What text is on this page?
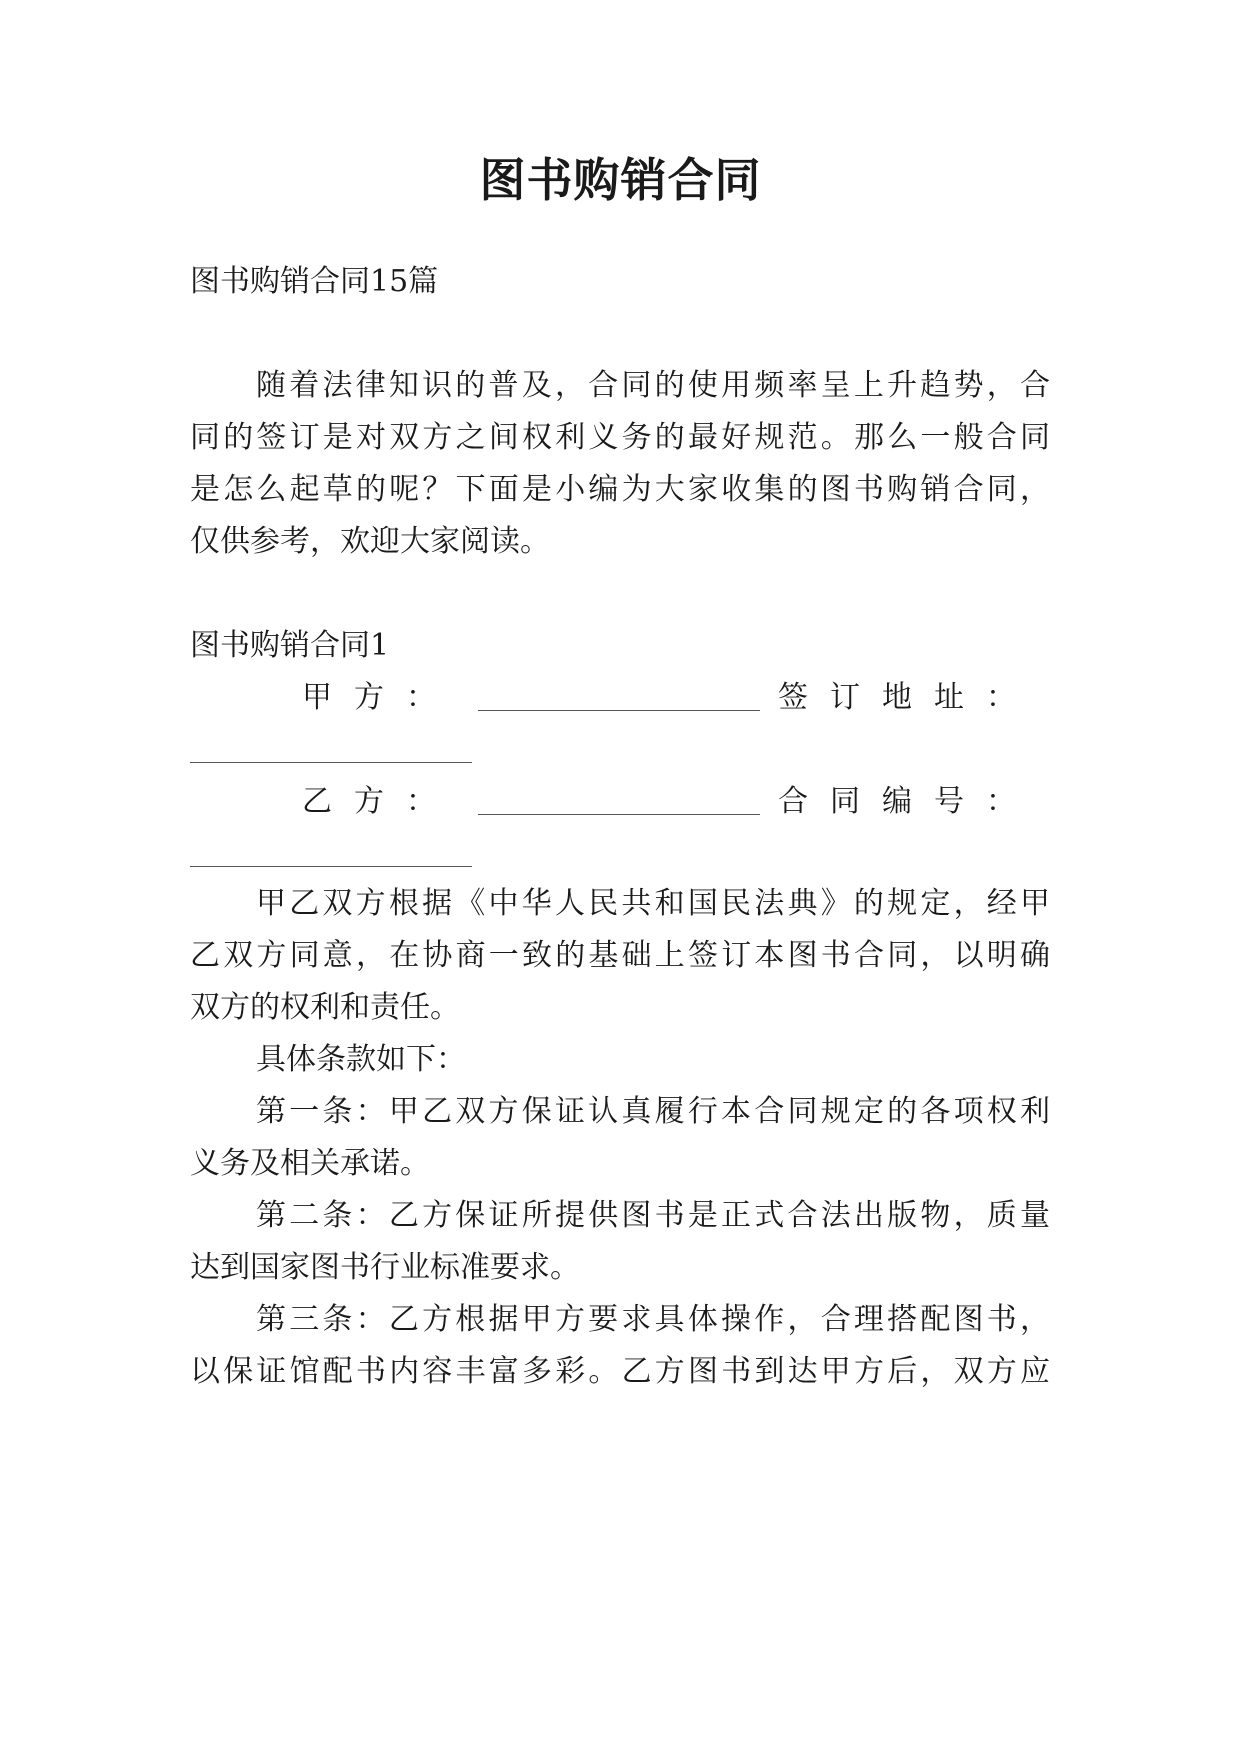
图书购销合同
图书购销合同15篇
随着法律知识的普及，合同的使用频率呈上升趋势，合
同的签订是对双方之间权利义务的最好规范。那么一般合同
是怎么起草的呢？下面是小编为大家收集的图书购销合同，
仅供参考，欢迎大家阅读。
图书购销合同1
甲方：	签订地址：
乙方：	合同编号：
甲乙双方根据《中华人民共和国民法典》的规定，经甲
乙双方同意，在协商一致的基础上签订本图书合同，以明确
双方的权利和责任。
具体条款如下：
第一条：甲乙双方保证认真履行本合同规定的各项权利
义务及相关承诺。
第二条：乙方保证所提供图书是正式合法出版物，质量
达到国家图书行业标准要求。
第三条：乙方根据甲方要求具体操作，合理搭配图书，
以保证馆配书内容丰富多彩。乙方图书到达甲方后，双方应
